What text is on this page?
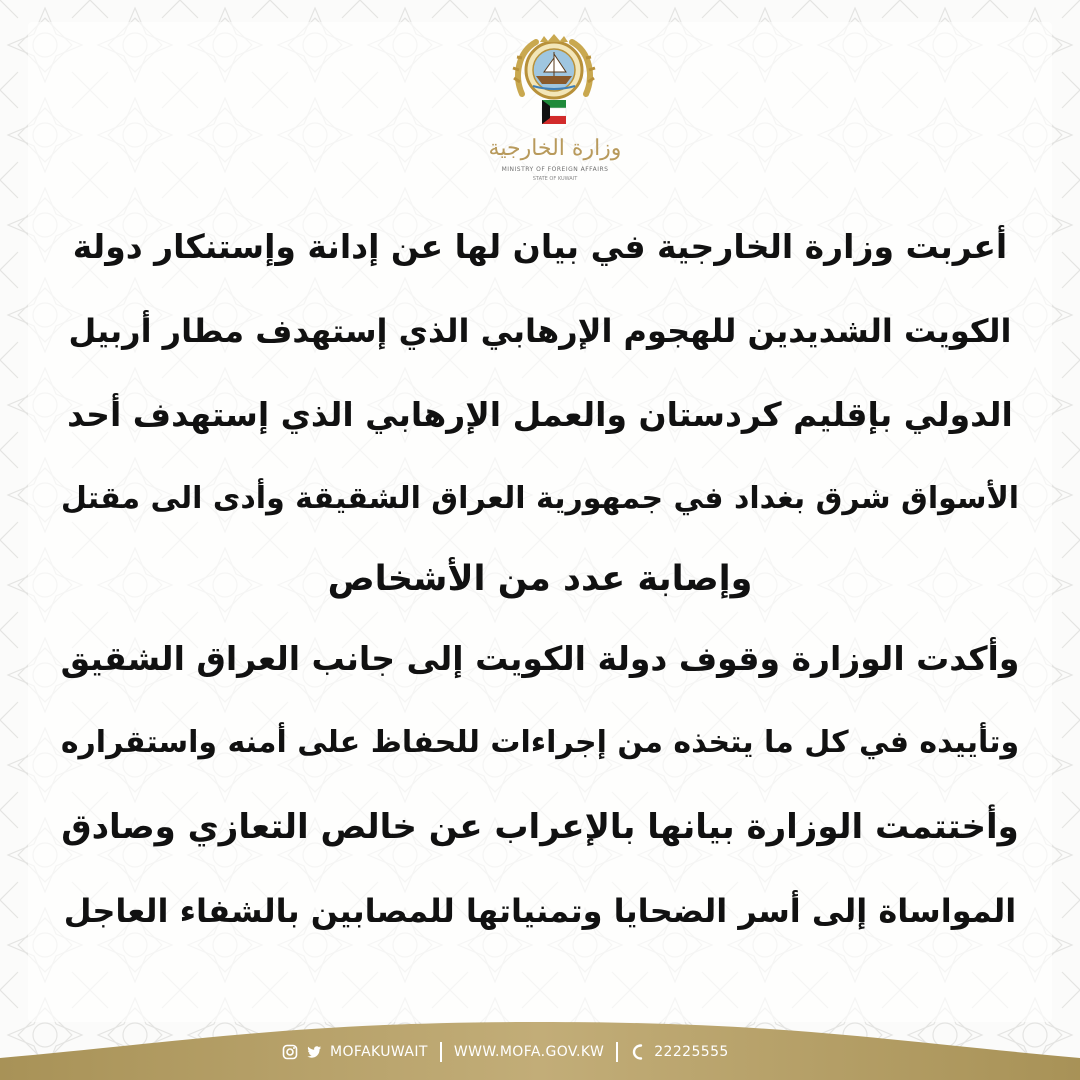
وزارة الخارجية
MINISTRY OF FOREIGN AFFAIRS
STATE OF KUWAIT
أعربت وزارة الخارجية في بيان لها عن إدانة وإستنكار دولة
الكويت الشديدين للهجوم الإرهابي الذي إستهدف مطار أربيل
الدولي بإقليم كردستان والعمل الإرهابي الذي إستهدف أحد
الأسواق شرق بغداد في جمهورية العراق الشقيقة وأدى الى مقتل
وإصابة عدد من الأشخاص
وأكدت الوزارة وقوف دولة الكويت إلى جانب العراق الشقيق
وتأييده في كل ما يتخذه من إجراءات للحفاظ على أمنه واستقراره
وأختتمت الوزارة بيانها بالإعراب عن خالص التعازي وصادق
المواساة إلى أسر الضحايا وتمنياتها للمصابين بالشفاء العاجل
MOFAKUWAIT WWW.MOFA.GOV.KW	22225555
